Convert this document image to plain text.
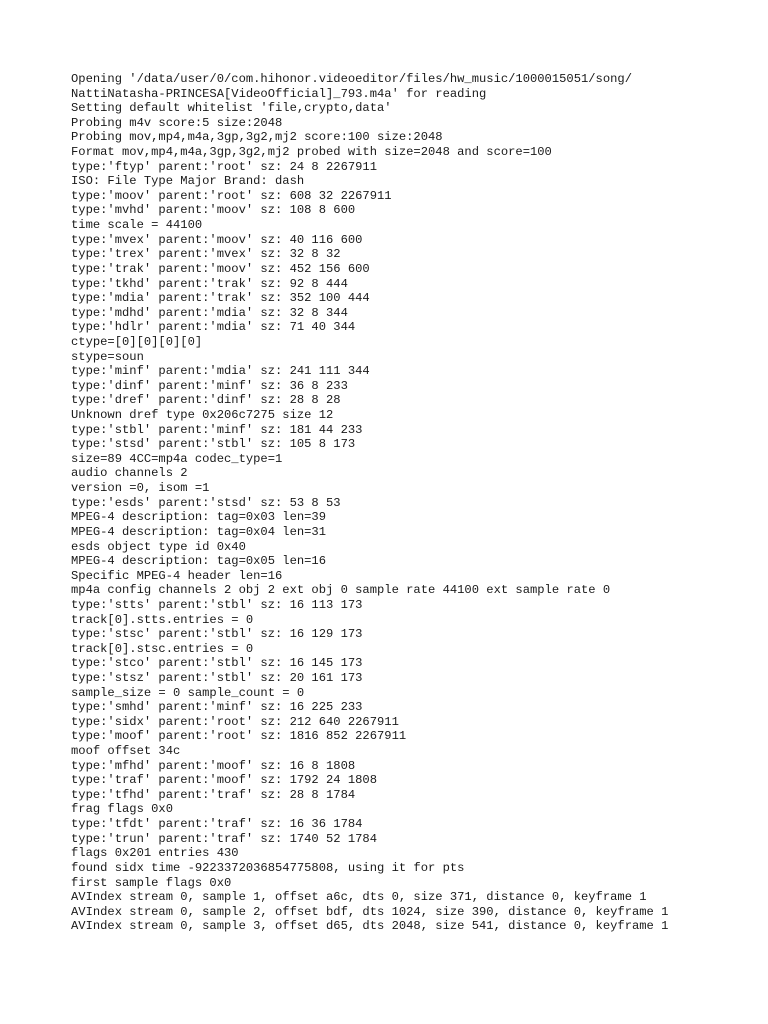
Opening '/data/user/0/com.hihonor.videoeditor/files/hw_music/1000015051/song/
NattiNatasha-PRINCESA[VideoOfficial]_793.m4a' for reading
Setting default whitelist 'file,crypto,data'
Probing m4v score:5 size:2048
Probing mov,mp4,m4a,3gp,3g2,mj2 score:100 size:2048
Format mov,mp4,m4a,3gp,3g2,mj2 probed with size=2048 and score=100
type:'ftyp' parent:'root' sz: 24 8 2267911
ISO: File Type Major Brand: dash
type:'moov' parent:'root' sz: 608 32 2267911
type:'mvhd' parent:'moov' sz: 108 8 600
time scale = 44100
type:'mvex' parent:'moov' sz: 40 116 600
type:'trex' parent:'mvex' sz: 32 8 32
type:'trak' parent:'moov' sz: 452 156 600
type:'tkhd' parent:'trak' sz: 92 8 444
type:'mdia' parent:'trak' sz: 352 100 444
type:'mdhd' parent:'mdia' sz: 32 8 344
type:'hdlr' parent:'mdia' sz: 71 40 344
ctype=[0][0][0][0]
stype=soun
type:'minf' parent:'mdia' sz: 241 111 344
type:'dinf' parent:'minf' sz: 36 8 233
type:'dref' parent:'dinf' sz: 28 8 28
Unknown dref type 0x206c7275 size 12
type:'stbl' parent:'minf' sz: 181 44 233
type:'stsd' parent:'stbl' sz: 105 8 173
size=89 4CC=mp4a codec_type=1
audio channels 2
version =0, isom =1
type:'esds' parent:'stsd' sz: 53 8 53
MPEG-4 description: tag=0x03 len=39
MPEG-4 description: tag=0x04 len=31
esds object type id 0x40
MPEG-4 description: tag=0x05 len=16
Specific MPEG-4 header len=16
mp4a config channels 2 obj 2 ext obj 0 sample rate 44100 ext sample rate 0
type:'stts' parent:'stbl' sz: 16 113 173
track[0].stts.entries = 0
type:'stsc' parent:'stbl' sz: 16 129 173
track[0].stsc.entries = 0
type:'stco' parent:'stbl' sz: 16 145 173
type:'stsz' parent:'stbl' sz: 20 161 173
sample_size = 0 sample_count = 0
type:'smhd' parent:'minf' sz: 16 225 233
type:'sidx' parent:'root' sz: 212 640 2267911
type:'moof' parent:'root' sz: 1816 852 2267911
moof offset 34c
type:'mfhd' parent:'moof' sz: 16 8 1808
type:'traf' parent:'moof' sz: 1792 24 1808
type:'tfhd' parent:'traf' sz: 28 8 1784
frag flags 0x0
type:'tfdt' parent:'traf' sz: 16 36 1784
type:'trun' parent:'traf' sz: 1740 52 1784
flags 0x201 entries 430
found sidx time -9223372036854775808, using it for pts
first sample flags 0x0
AVIndex stream 0, sample 1, offset a6c, dts 0, size 371, distance 0, keyframe 1
AVIndex stream 0, sample 2, offset bdf, dts 1024, size 390, distance 0, keyframe 1
AVIndex stream 0, sample 3, offset d65, dts 2048, size 541, distance 0, keyframe 1
